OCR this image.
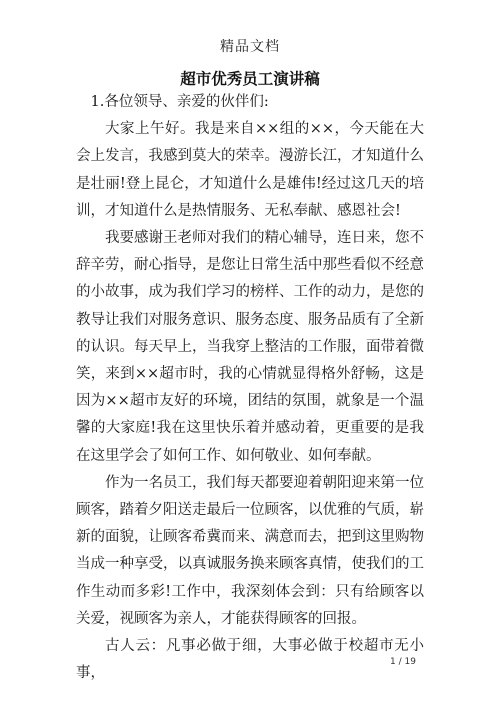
精品文档
超市优秀员工演讲稿

1.各位领导、亲爱的伙伴们:

大家上午好。我是来自××组的××，今天能在大会上发言，我感到莫大的荣幸。漫游长江，才知道什么是壮丽!登上昆仑，才知道什么是雄伟!经过这几天的培训，才知道什么是热情服务、无私奉献、感恩社会!

我要感谢王老师对我们的精心辅导，连日来，您不辞辛劳，耐心指导，是您让日常生活中那些看似不经意的小故事，成为我们学习的榜样、工作的动力，是您的教导让我们对服务意识、服务态度、服务品质有了全新的认识。每天早上，当我穿上整洁的工作服，面带着微笑，来到××超市时，我的心情就显得格外舒畅，这是因为××超市友好的环境，团结的氛围，就象是一个温馨的大家庭!我在这里快乐着并感动着，更重要的是我在这里学会了如何工作、如何敬业、如何奉献。

作为一名员工，我们每天都要迎着朝阳迎来第一位顾客，踏着夕阳送走最后一位顾客，以优雅的气质，崭新的面貌，让顾客希冀而来、满意而去，把到这里购物当成一种享受，以真诚服务换来顾客真情，使我们的工作生动而多彩!工作中，我深刻体会到：只有给顾客以关爱，视顾客为亲人，才能获得顾客的回报。

古人云：凡事必做于细，大事必做于校超市无小事，

1 / 19
